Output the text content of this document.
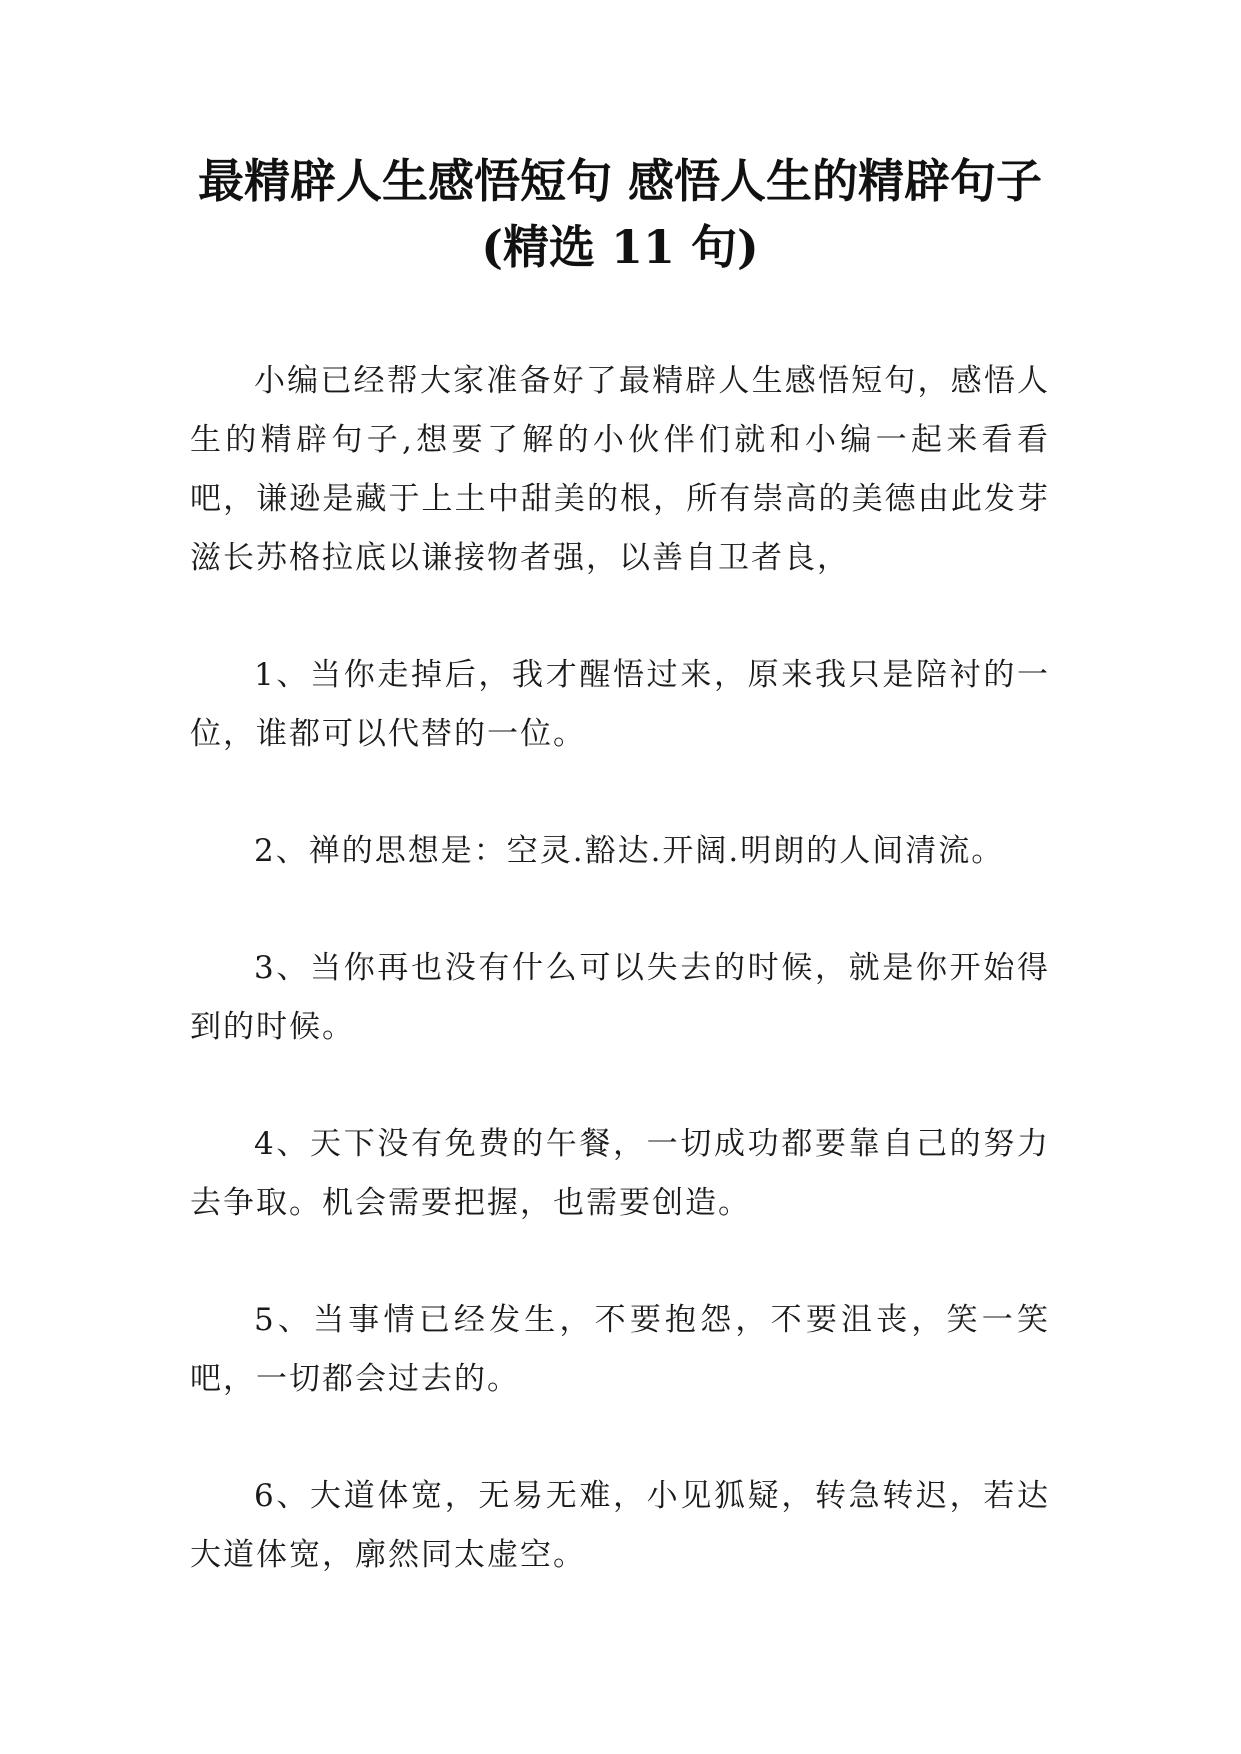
最精辟人生感悟短句 感悟人生的精辟句子
(精选 11 句)

小编已经帮大家准备好了最精辟人生感悟短句，感悟人生的精辟句子,想要了解的小伙伴们就和小编一起来看看吧，谦逊是藏于上土中甜美的根，所有崇高的美德由此发芽滋长苏格拉底以谦接物者强，以善自卫者良，

1、当你走掉后，我才醒悟过来，原来我只是陪衬的一位，谁都可以代替的一位。

2、禅的思想是：空灵.豁达.开阔.明朗的人间清流。

3、当你再也没有什么可以失去的时候，就是你开始得到的时候。

4、天下没有免费的午餐，一切成功都要靠自己的努力去争取。机会需要把握，也需要创造。

5、当事情已经发生，不要抱怨，不要沮丧，笑一笑吧，一切都会过去的。

6、大道体宽，无易无难，小见狐疑，转急转迟，若达大道体宽，廓然同太虚空。
